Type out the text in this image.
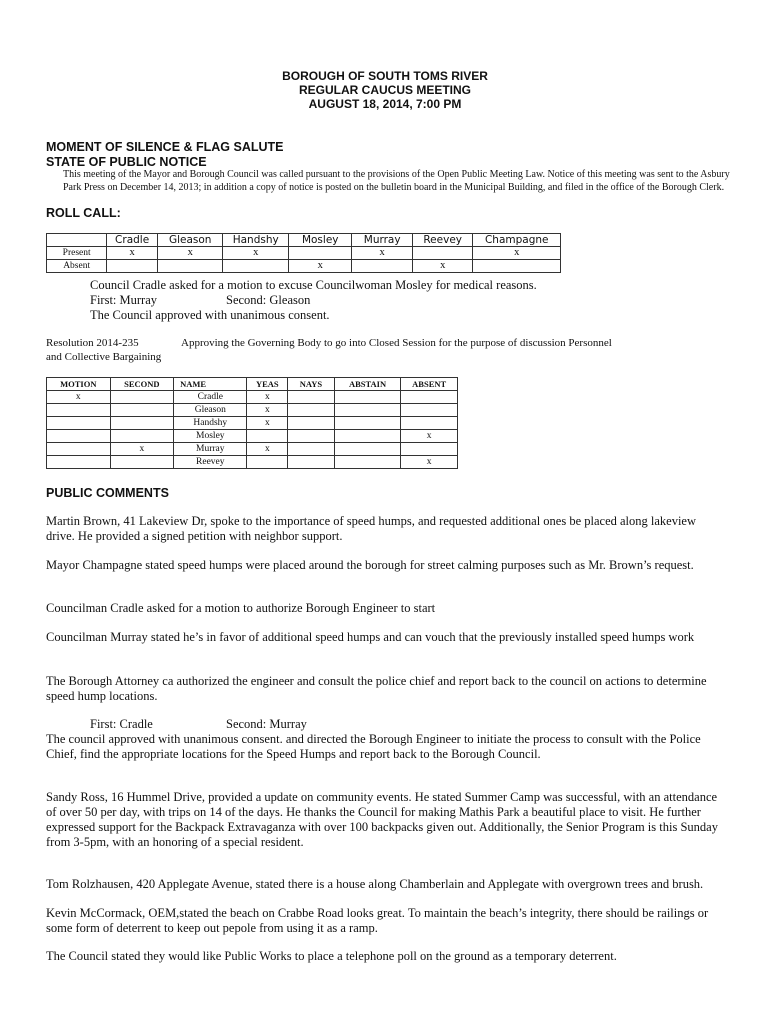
BOROUGH OF SOUTH TOMS RIVER
REGULAR CAUCUS MEETING
AUGUST 18, 2014, 7:00 PM
MOMENT OF SILENCE & FLAG SALUTE
STATE OF PUBLIC NOTICE
This meeting of the Mayor and Borough Council was called pursuant to the provisions of the Open Public Meeting Law. Notice of this meeting was sent to the Asbury Park Press on December 14, 2013; in addition a copy of notice is posted on the bulletin board in the Municipal Building, and filed in the office of the Borough Clerk.
ROLL CALL:
	Cradle	Gleason	Handshy	Mosley	Murray	Reevey	Champagne
Present	x	x	x		x		x
Absent				x		x	
Council Cradle asked for a motion to excuse Councilwoman Mosley for medical reasons.
First: Murray	Second: Gleason
The Council approved with unanimous consent.
Resolution 2014-235	Approving the Governing Body to go into Closed Session for the purpose of discussion Personnel
and Collective Bargaining
MOTION	SECOND	NAME	YEAS	NAYS	ABSTAIN	ABSENT
x		Cradle	x			
		Gleason	x			
		Handshy	x			
		Mosley				x
	x	Murray	x			
		Reevey				x
PUBLIC COMMENTS
Martin Brown, 41 Lakeview Dr, spoke to the importance of speed humps, and requested additional ones be placed along lakeview drive. He provided a signed petition with neighbor support.
Mayor Champagne stated speed humps were placed around the borough for street calming purposes such as Mr. Brown’s request.
Councilman Cradle asked for a motion to authorize Borough Engineer to start
Councilman Murray stated he’s in favor of additional speed humps and can vouch that the previously installed speed humps work
The Borough Attorney ca authorized the engineer and consult the police chief and report back to the council on actions to determine speed hump locations.
First: Cradle	Second: Murray
The council approved with unanimous consent. and directed the Borough Engineer to initiate the process to consult with the Police Chief, find the appropriate locations for the Speed Humps and report back to the Borough Council.
Sandy Ross, 16 Hummel Drive, provided a update on community events. He stated Summer Camp was successful, with an attendance of over 50 per day, with trips on 14 of the days. He thanks the Council for making Mathis Park a beautiful place to visit. He further expressed support for the Backpack Extravaganza with over 100 backpacks given out. Additionally, the Senior Program is this Sunday from 3-5pm, with an honoring of a special resident.
Tom Rolzhausen, 420 Applegate Avenue, stated there is a house along Chamberlain and Applegate with overgrown trees and brush.
Kevin McCormack, OEM,stated the beach on Crabbe Road looks great. To maintain the beach’s integrity, there should be railings or some form of deterrent to keep out pepole from using it as a ramp.
The Council stated they would like Public Works to place a telephone poll on the ground as a temporary deterrent.
